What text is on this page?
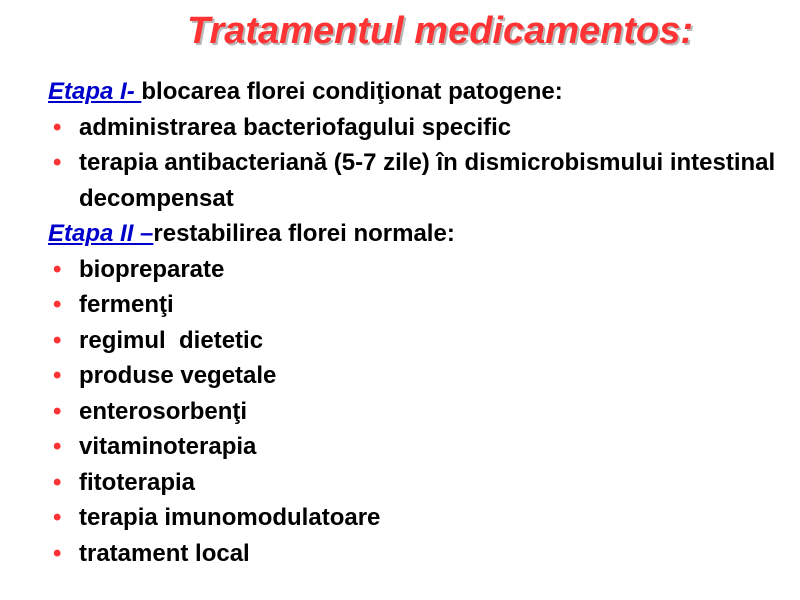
Tratamentul medicamentos:
Etapa I- blocarea florei condiţionat patogene:
• administrarea bacteriofagului specific
• terapia antibacteriană (5-7 zile) în dismicrobismului intestinal decompensat
Etapa II –restabilirea florei normale:
• biopreparate
• fermenţi
• regimul  dietetic
• produse vegetale
• enterosorbenţi
• vitaminoterapia
• fitoterapia
• terapia imunomodulatoare
• tratament local
